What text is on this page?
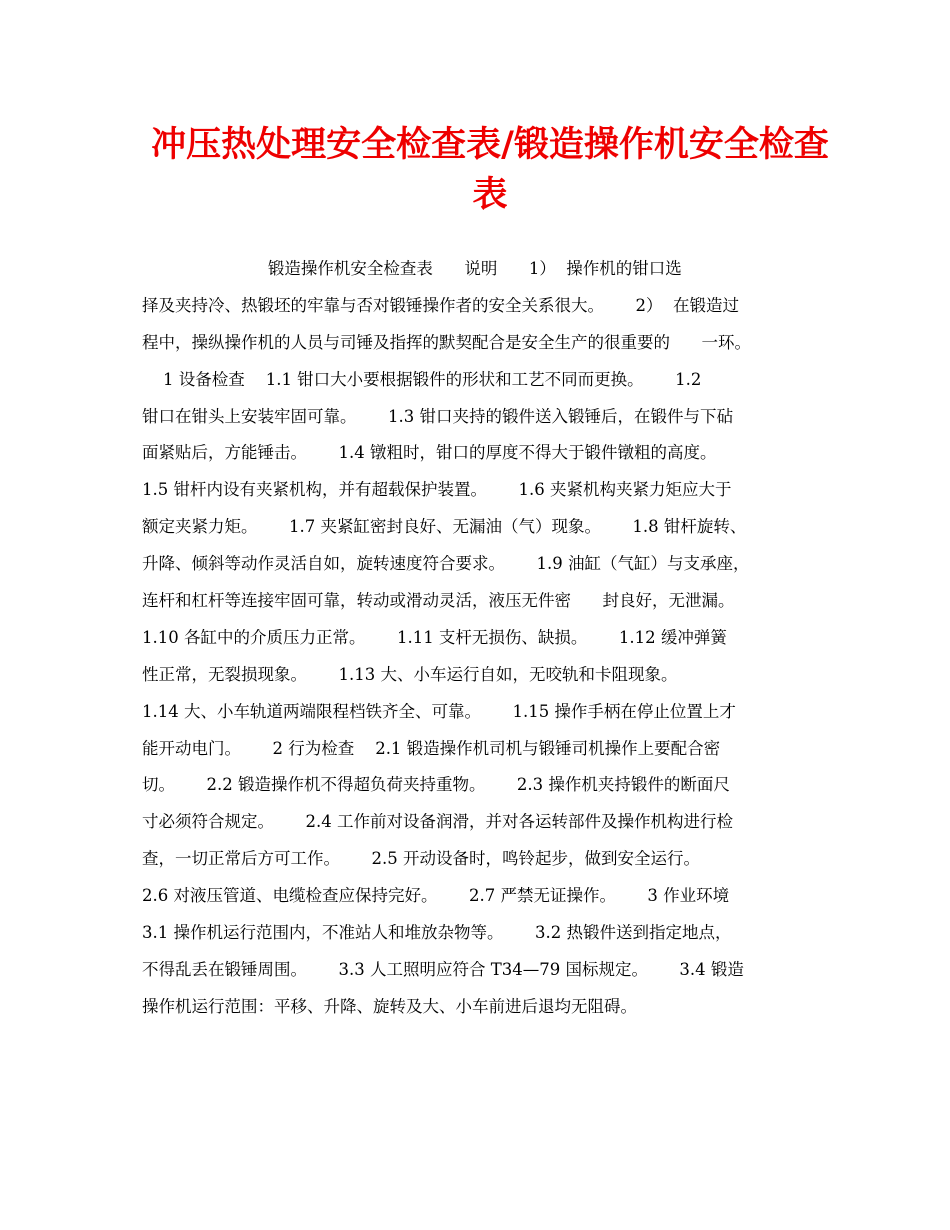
冲压热处理安全检查表/锻造操作机安全检查
表
锻造操作机安全检查表      说明      1）  操作机的钳口选
择及夹持冷、热锻坯的牢靠与否对锻锤操作者的安全关系很大。      2）  在锻造过
程中，操纵操作机的人员与司锤及指挥的默契配合是安全生产的很重要的      一环。
1 设备检查    1.1 钳口大小要根据锻件的形状和工艺不同而更换。      1.2
钳口在钳头上安装牢固可靠。      1.3 钳口夹持的锻件送入锻锤后，在锻件与下砧
面紧贴后，方能锤击。      1.4 镦粗时，钳口的厚度不得大于锻件镦粗的高度。
1.5 钳杆内设有夹紧机构，并有超载保护装置。      1.6 夹紧机构夹紧力矩应大于
额定夹紧力矩。      1.7 夹紧缸密封良好、无漏油（气）现象。      1.8 钳杆旋转、
升降、倾斜等动作灵活自如，旋转速度符合要求。      1.9 油缸（气缸）与支承座，
连杆和杠杆等连接牢固可靠，转动或滑动灵活，液压无件密      封良好，无泄漏。
1.10 各缸中的介质压力正常。      1.11 支杆无损伤、缺损。      1.12 缓冲弹簧
性正常，无裂损现象。      1.13 大、小车运行自如，无咬轨和卡阻现象。
1.14 大、小车轨道两端限程档铁齐全、可靠。      1.15 操作手柄在停止位置上才
能开动电门。      2 行为检查    2.1 锻造操作机司机与锻锤司机操作上要配合密
切。      2.2 锻造操作机不得超负荷夹持重物。      2.3 操作机夹持锻件的断面尺
寸必须符合规定。      2.4 工作前对设备润滑，并对各运转部件及操作机构进行检
查，一切正常后方可工作。      2.5 开动设备时，鸣铃起步，做到安全运行。
2.6 对液压管道、电缆检查应保持完好。      2.7 严禁无证操作。      3 作业环境
3.1 操作机运行范围内，不准站人和堆放杂物等。      3.2 热锻件送到指定地点，
不得乱丢在锻锤周围。      3.3 人工照明应符合 T34—79 国标规定。      3.4 锻造
操作机运行范围：平移、升降、旋转及大、小车前进后退均无阻碍。
